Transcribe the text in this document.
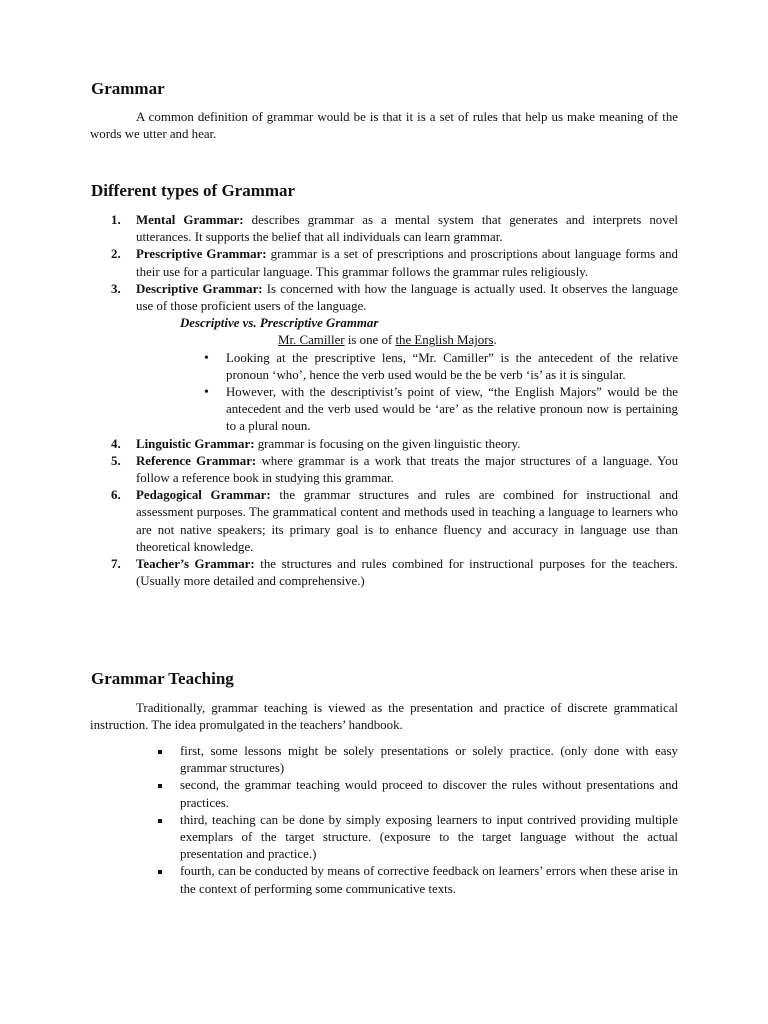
Grammar

A common definition of grammar would be is that it is a set of rules that help us make meaning of the words we utter and hear.

Different types of Grammar
1. Mental Grammar: describes grammar as a mental system that generates and interprets novel utterances. It supports the belief that all individuals can learn grammar.
2. Prescriptive Grammar: grammar is a set of prescriptions and proscriptions about language forms and their use for a particular language. This grammar follows the grammar rules religiously.
3. Descriptive Grammar: Is concerned with how the language is actually used. It observes the language use of those proficient users of the language.
Descriptive vs. Prescriptive Grammar
Mr. Camiller is one of the English Majors.
• Looking at the prescriptive lens, “Mr. Camiller” is the antecedent of the relative pronoun ‘who’, hence the verb used would be the be verb ‘is’ as it is singular.
• However, with the descriptivist’s point of view, “the English Majors” would be the antecedent and the verb used would be ‘are’ as the relative pronoun now is pertaining to a plural noun.
4. Linguistic Grammar: grammar is focusing on the given linguistic theory.
5. Reference Grammar: where grammar is a work that treats the major structures of a language. You follow a reference book in studying this grammar.
6. Pedagogical Grammar: the grammar structures and rules are combined for instructional and assessment purposes. The grammatical content and methods used in teaching a language to learners who are not native speakers; its primary goal is to enhance fluency and accuracy in language use than theoretical knowledge.
7. Teacher’s Grammar: the structures and rules combined for instructional purposes for the teachers. (Usually more detailed and comprehensive.)
Grammar Teaching

Traditionally, grammar teaching is viewed as the presentation and practice of discrete grammatical instruction. The idea promulgated in the teachers’ handbook.

first, some lessons might be solely presentations or solely practice. (only done with easy grammar structures)
second, the grammar teaching would proceed to discover the rules without presentations and practices.
third, teaching can be done by simply exposing learners to input contrived providing multiple exemplars of the target structure. (exposure to the target language without the actual presentation and practice.)
fourth, can be conducted by means of corrective feedback on learners’ errors when these arise in the context of performing some communicative texts.
